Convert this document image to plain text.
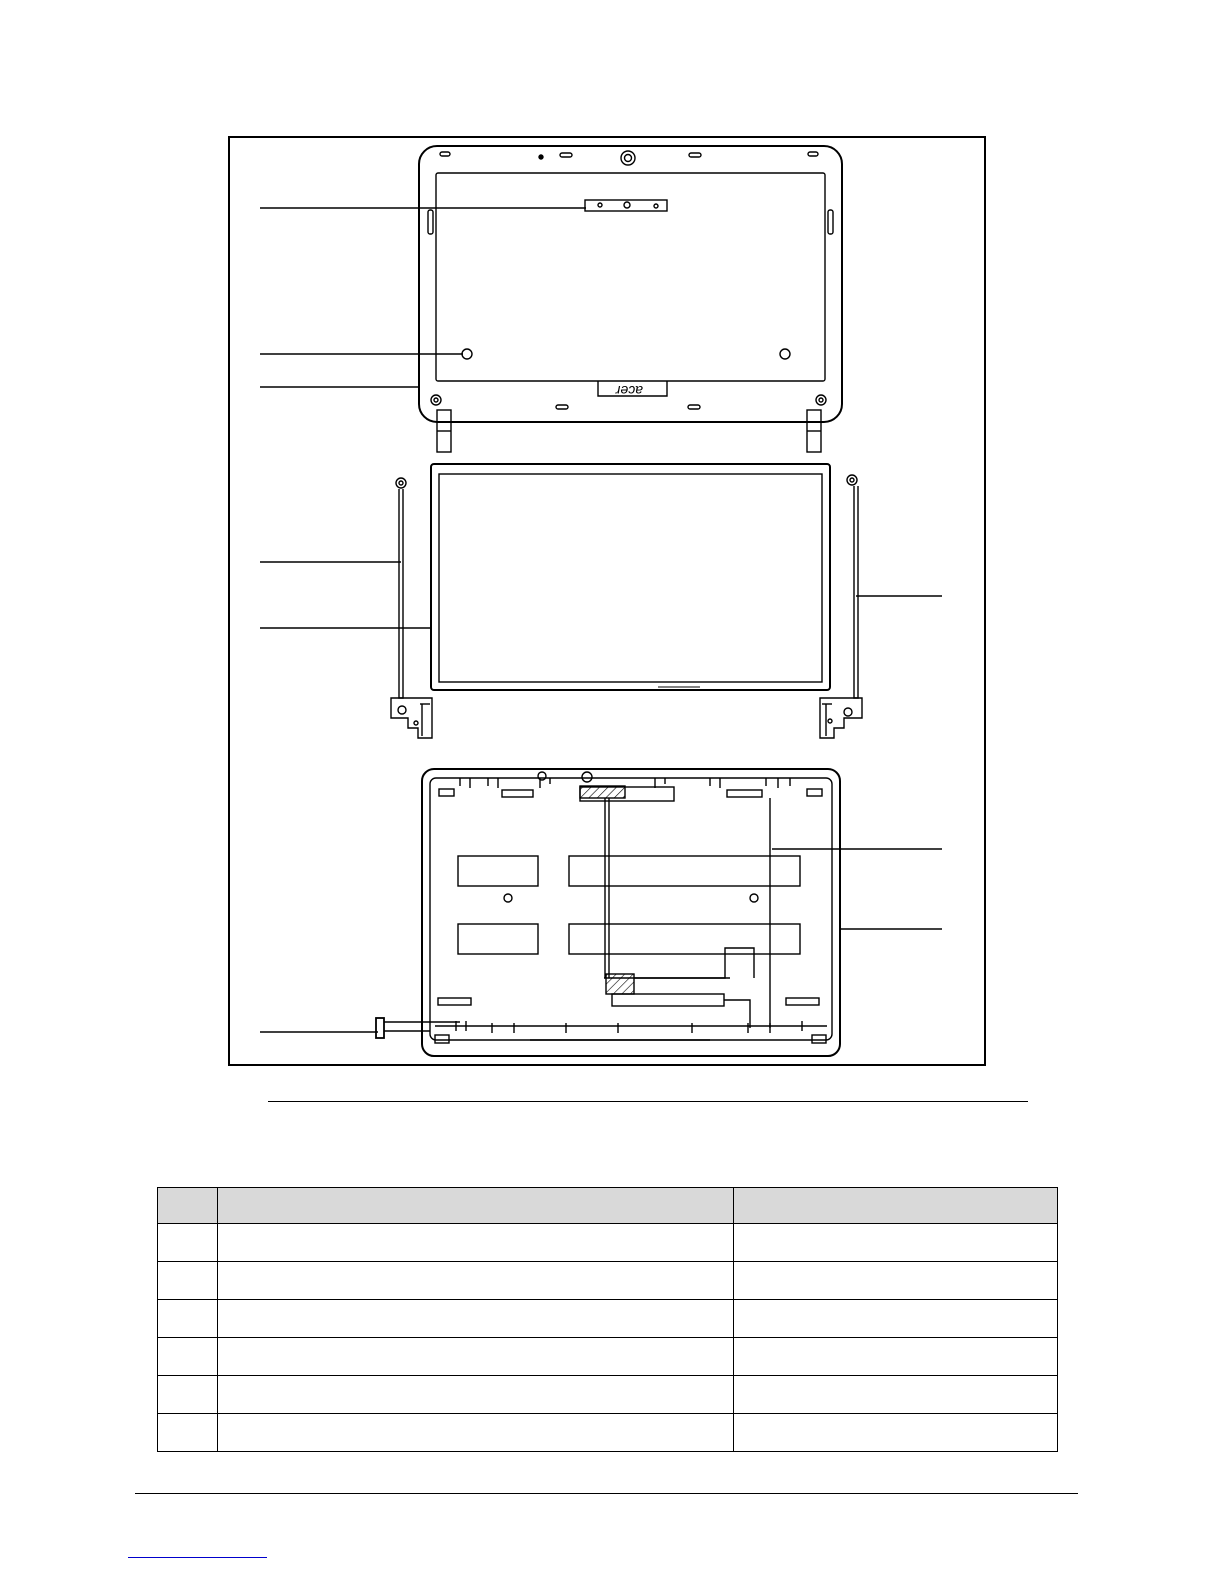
acer
